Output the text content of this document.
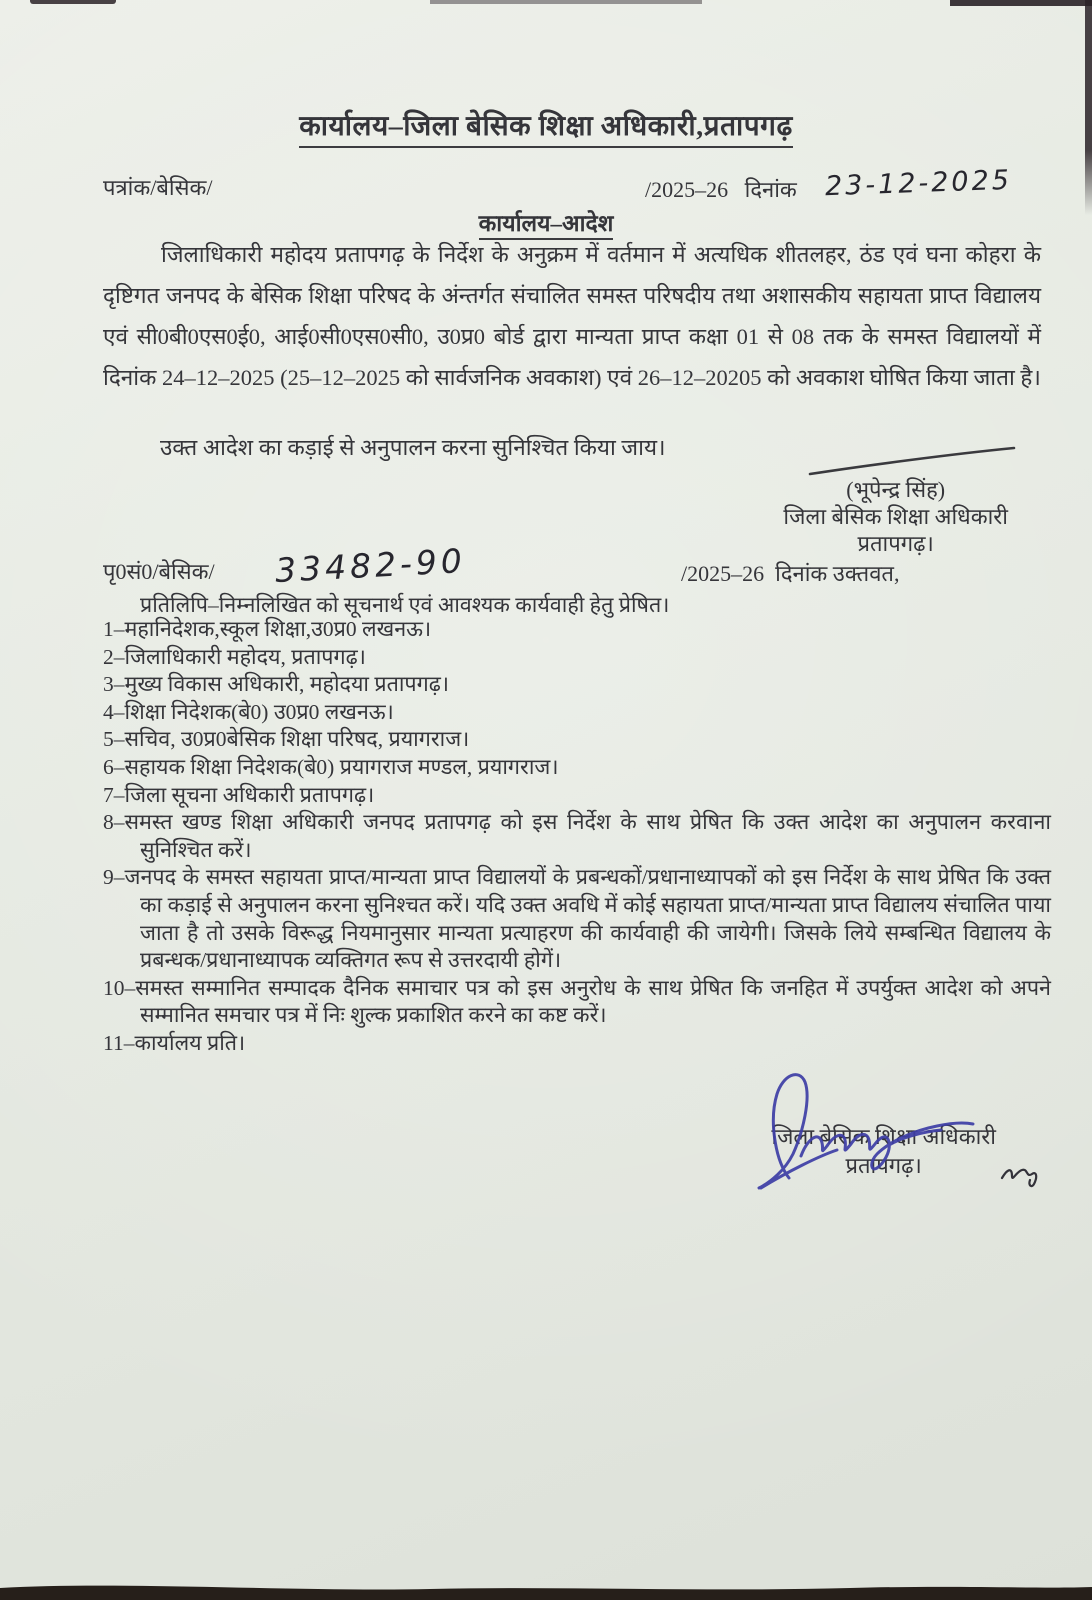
कार्यालय–जिला बेसिक शिक्षा अधिकारी,प्रतापगढ़
पत्रांक/बेसिक/	/2025–26 दिनांक 23-12-2025
कार्यालय–आदेश
जिलाधिकारी महोदय प्रतापगढ़ के निर्देश के अनुक्रम में वर्तमान में अत्यधिक शीतलहर, ठंड एवं घना कोहरा के दृष्टिगत जनपद के बेसिक शिक्षा परिषद के अंन्तर्गत संचालित समस्त परिषदीय तथा अशासकीय सहायता प्राप्त विद्यालय एवं सी0बी0एस0ई0, आई0सी0एस0सी0, उ0प्र0 बोर्ड द्वारा मान्यता प्राप्त कक्षा 01 से 08 तक के समस्त विद्यालयों में दिनांक 24–12–2025 (25–12–2025 को सार्वजनिक अवकाश) एवं 26–12–20205 को अवकाश घोषित किया जाता है।
उक्त आदेश का कड़ाई से अनुपालन करना सुनिश्चित किया जाय।
(भूपेन्द्र सिंह)
जिला बेसिक शिक्षा अधिकारी
प्रतापगढ़।
पृ0सं0/बेसिक/ 33482-90	/2025–26 दिनांक उक्तवत,
प्रतिलिपि–निम्नलिखित को सूचनार्थ एवं आवश्यक कार्यवाही हेतु प्रेषित।
1–महानिदेशक,स्कूल शिक्षा,उ0प्र0 लखनऊ।
2–जिलाधिकारी महोदय, प्रतापगढ़।
3–मुख्य विकास अधिकारी, महोदया प्रतापगढ़।
4–शिक्षा निदेशक(बे0) उ0प्र0 लखनऊ।
5–सचिव, उ0प्र0बेसिक शिक्षा परिषद, प्रयागराज।
6–सहायक शिक्षा निदेशक(बे0) प्रयागराज मण्डल, प्रयागराज।
7–जिला सूचना अधिकारी प्रतापगढ़।
8–समस्त खण्ड शिक्षा अधिकारी जनपद प्रतापगढ़ को इस निर्देश के साथ प्रेषित कि उक्त आदेश का अनुपालन करवाना सुनिश्चित करें।
9–जनपद के समस्त सहायता प्राप्त/मान्यता प्राप्त विद्यालयों के प्रबन्धकों/प्रधानाध्यापकों को इस निर्देश के साथ प्रेषित कि उक्त का कड़ाई से अनुपालन करना सुनिश्चत करें। यदि उक्त अवधि में कोई सहायता प्राप्त/मान्यता प्राप्त विद्यालय संचालित पाया जाता है तो उसके विरूद्ध नियमानुसार मान्यता प्रत्याहरण की कार्यवाही की जायेगी। जिसके लिये सम्बन्धित विद्यालय के प्रबन्धक/प्रधानाध्यापक व्यक्तिगत रूप से उत्तरदायी होगें।
10–समस्त सम्मानित सम्पादक दैनिक समाचार पत्र को इस अनुरोध के साथ प्रेषित कि जनहित में उपर्युक्त आदेश को अपने सम्मानित समचार पत्र में निः शुल्क प्रकाशित करने का कष्ट करें।
11–कार्यालय प्रति।
जिला बेसिक शिक्षा अधिकारी
प्रतापगढ़।
